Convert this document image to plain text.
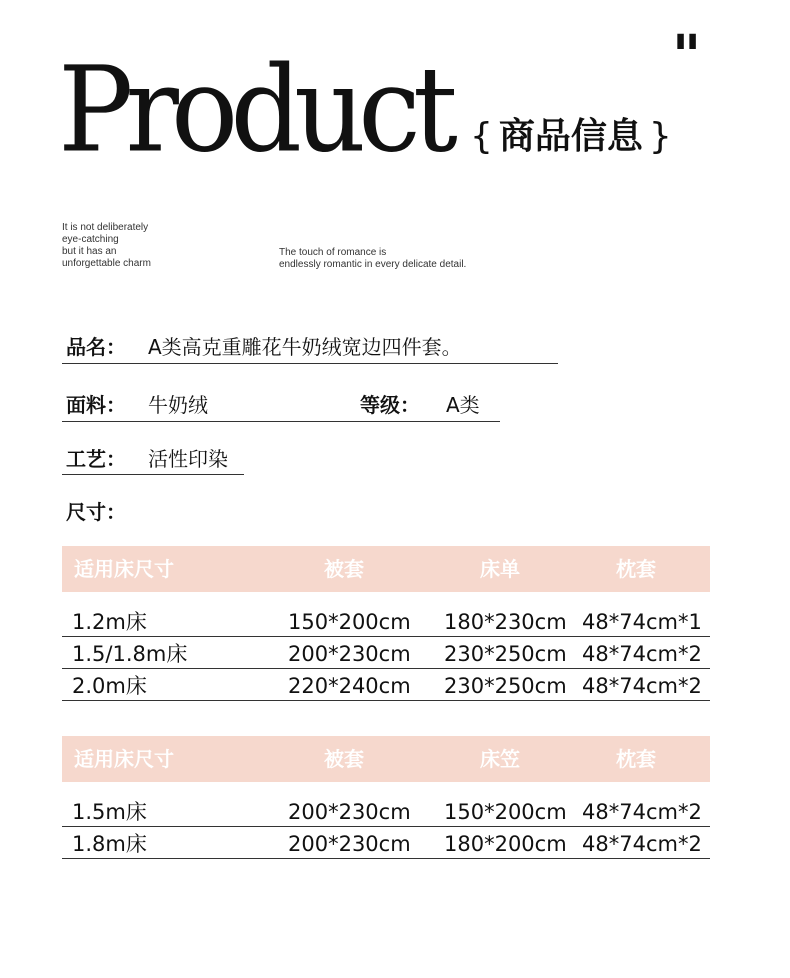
Product	"
{ 商品信息 }
It is not deliberately
eye-catching
but it has an
unforgettable charm
The touch of romance is
endlessly romantic in every delicate detail.
品名： A类高克重雕花牛奶绒宽边四件套。
面料： 牛奶绒	等级： A类
工艺： 活性印染
尺寸：
适用床尺寸	被套	床单	枕套
1.2m床	150*200cm 180*230cm 48*74cm*1
1.5/1.8m床	200*230cm 230*250cm 48*74cm*2
2.0m床	220*240cm 230*250cm 48*74cm*2
适用床尺寸	被套	床笠	枕套
1.5m床	200*230cm 150*200cm 48*74cm*2
1.8m床	200*230cm 180*200cm 48*74cm*2
